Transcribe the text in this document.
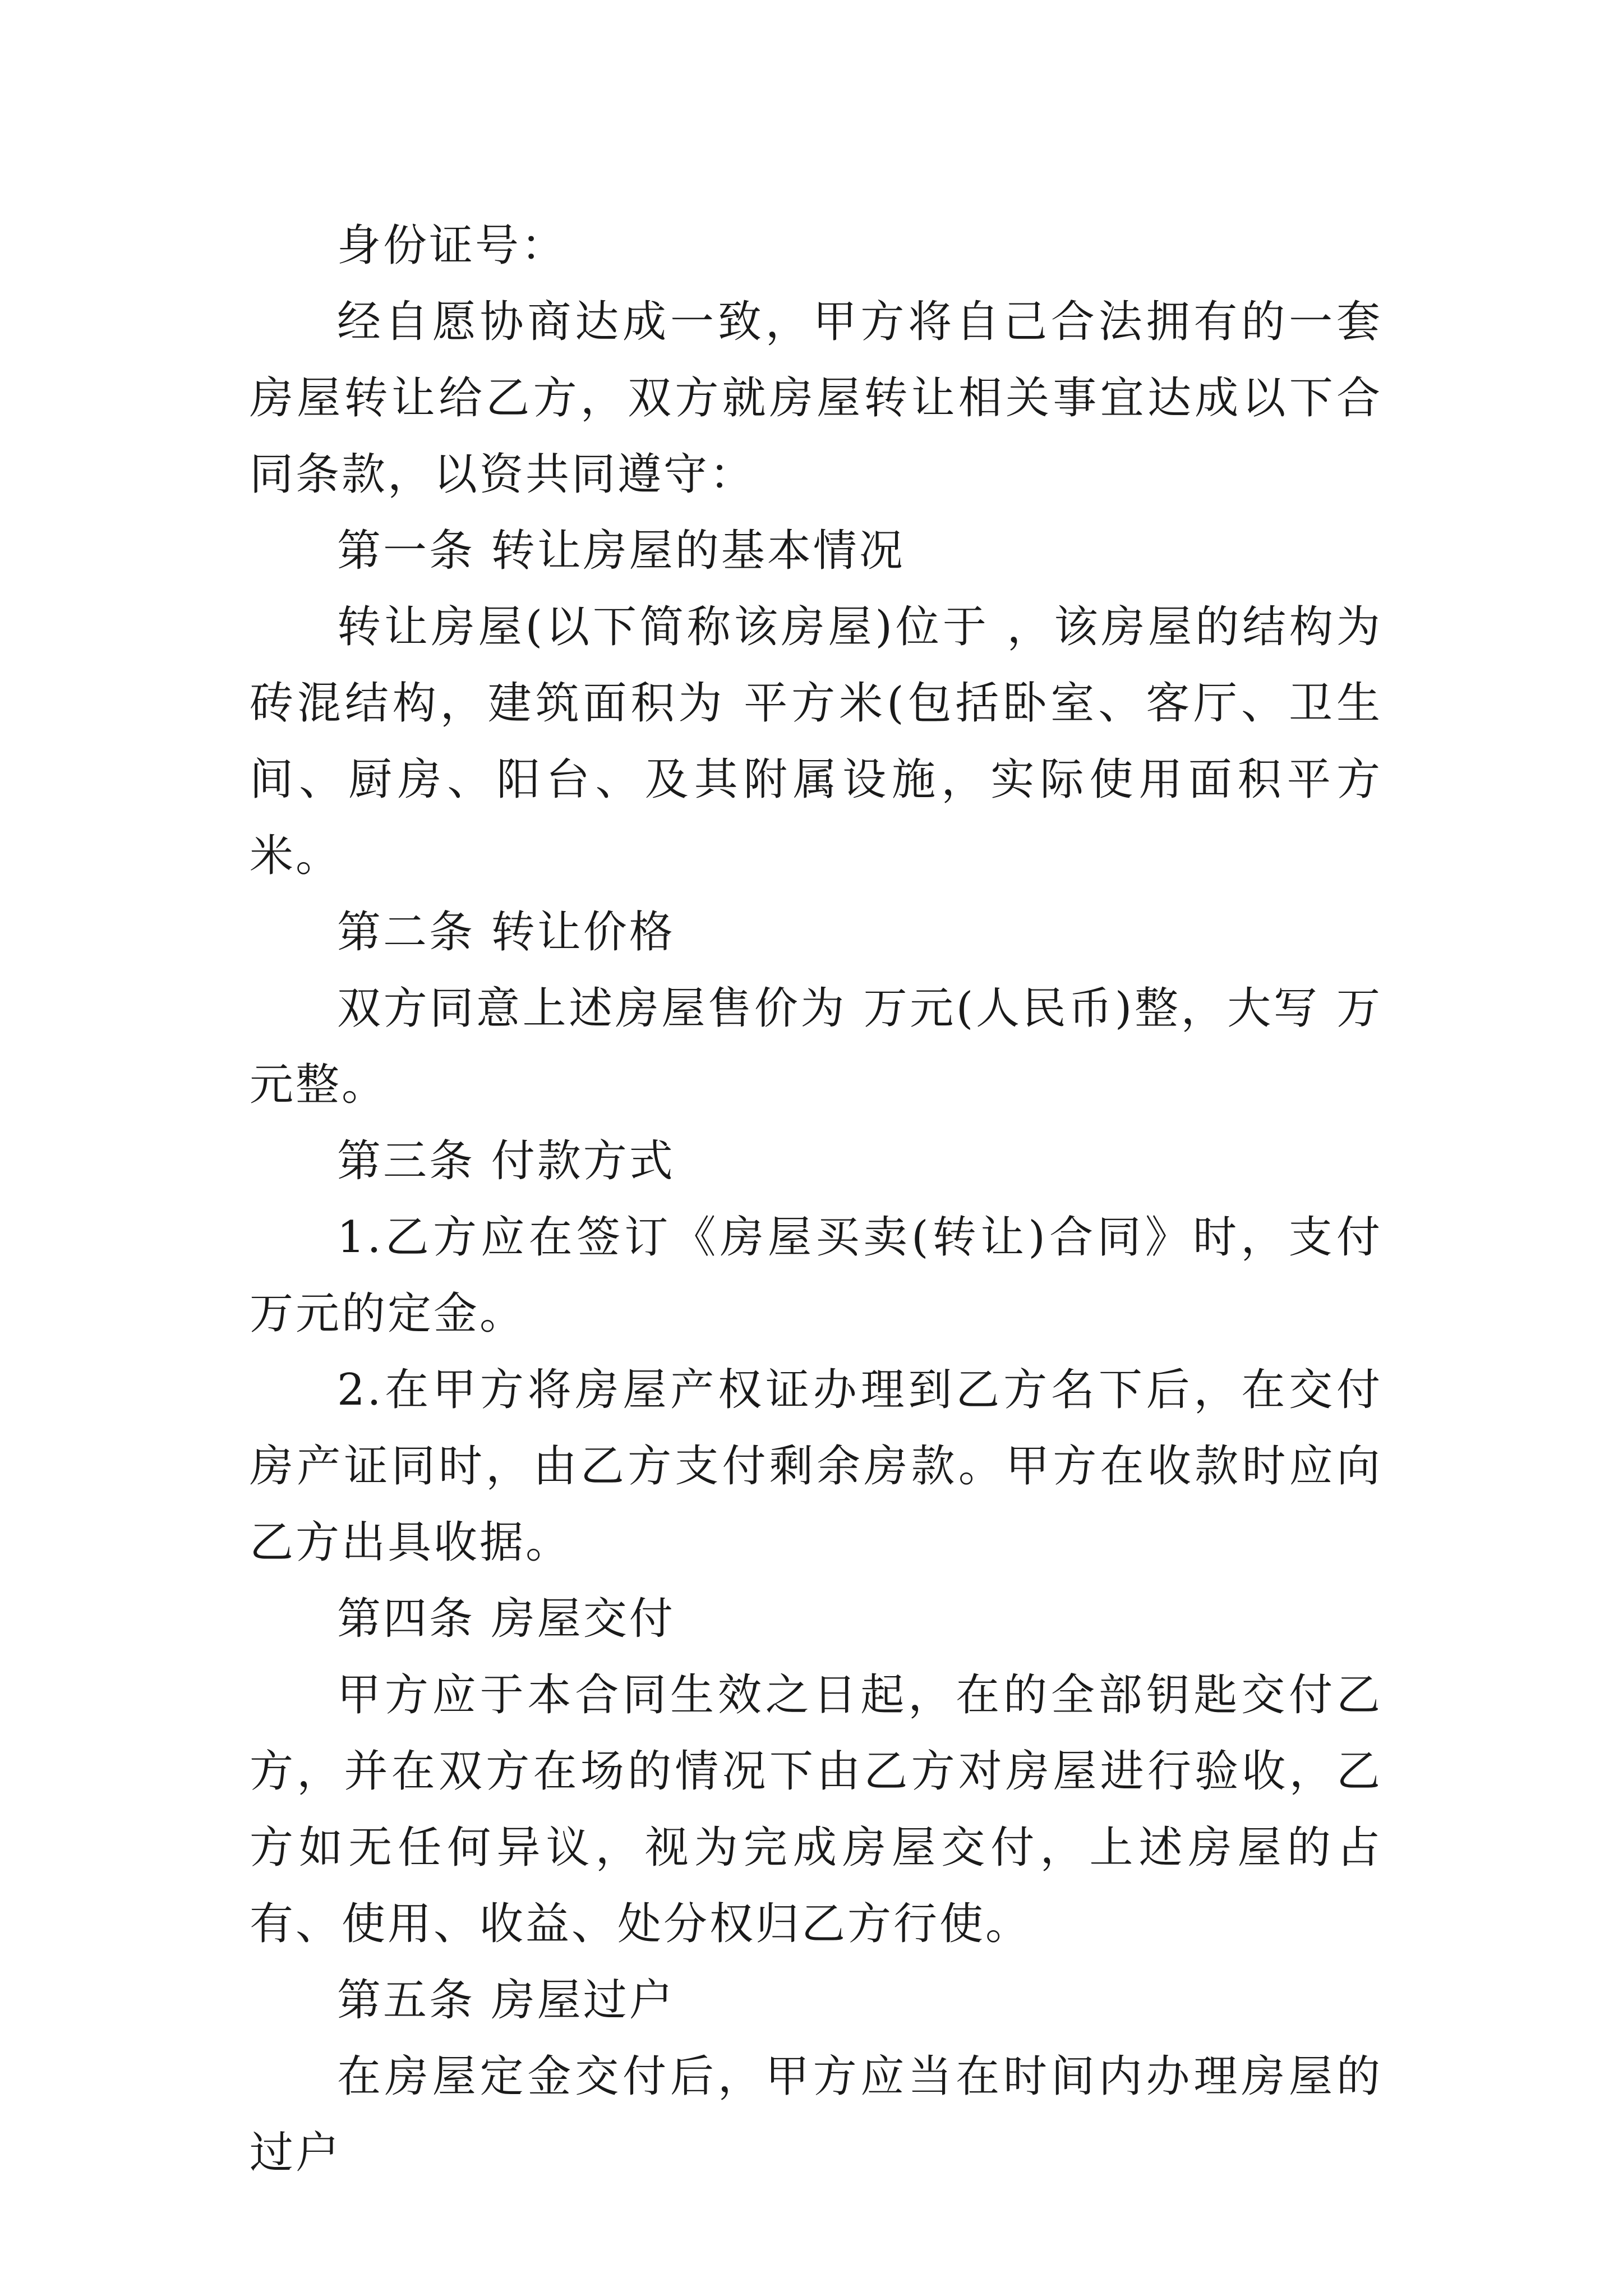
身份证号：

经自愿协商达成一致，甲方将自己合法拥有的一套房屋转让给乙方，双方就房屋转让相关事宜达成以下合同条款，以资共同遵守：

第一条 转让房屋的基本情况

转让房屋(以下简称该房屋)位于 ，该房屋的结构为砖混结构，建筑面积为 平方米(包括卧室、客厅、卫生间、厨房、阳台、及其附属设施，实际使用面积平方米。

第二条 转让价格

双方同意上述房屋售价为 万元(人民币)整，大写 万元整。

第三条 付款方式

1.乙方应在签订《房屋买卖(转让)合同》时，支付万元的定金。

2.在甲方将房屋产权证办理到乙方名下后，在交付房产证同时，由乙方支付剩余房款。甲方在收款时应向乙方出具收据。

第四条 房屋交付

甲方应于本合同生效之日起，在的全部钥匙交付乙方，并在双方在场的情况下由乙方对房屋进行验收，乙方如无任何异议，视为完成房屋交付，上述房屋的占有、使用、收益、处分权归乙方行使。

第五条 房屋过户

在房屋定金交付后，甲方应当在时间内办理房屋的过户
